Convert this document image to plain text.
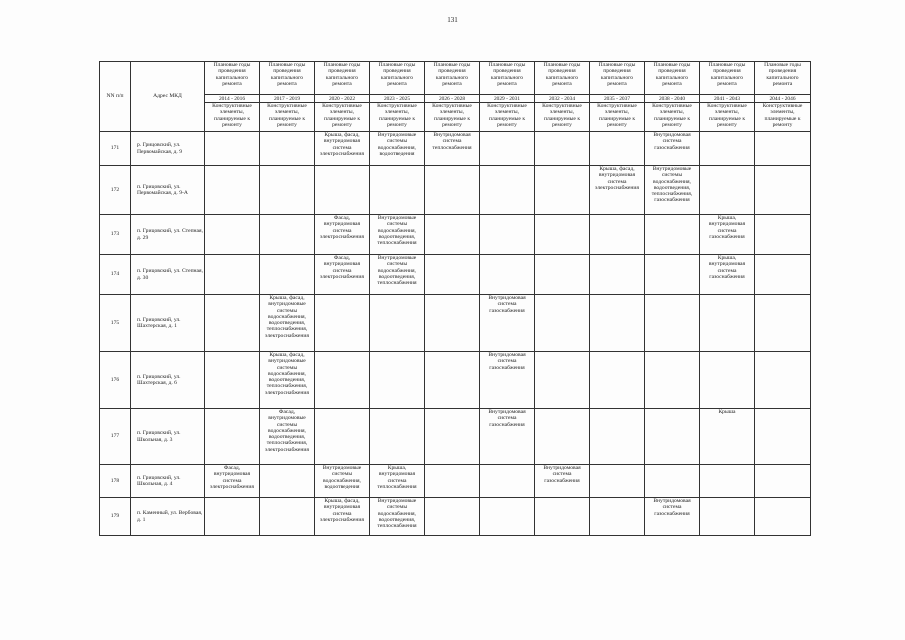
131
NN п/п	Адрес МКД	Плановые годы проведения капитального ремонта	Плановые годы проведения капитального ремонта	Плановые годы проведения капитального ремонта	Плановые годы проведения капитального ремонта	Плановые годы проведения капитального ремонта	Плановые годы проведения капитального ремонта	Плановые годы проведения капитального ремонта	Плановые годы проведения капитального ремонта	Плановые годы проведения капитального ремонта	Плановые годы проведения капитального ремонта	Плановые годы проведения капитального ремонта
		2014 - 2016	2017 - 2019	2020 - 2022	2023 - 2025	2026 - 2028	2029 - 2031	2032 - 2034	2035 - 2037	2038 - 2040	2041 - 2043	2044 - 2046
		Конструктивные элементы, планируемые к ремонту	Конструктивные элементы, планируемые к ремонту	Конструктивные элементы, планируемые к ремонту	Конструктивные элементы, планируемые к ремонту	Конструктивные элементы, планируемые к ремонту	Конструктивные элементы, планируемые к ремонту	Конструктивные элементы, планируемые к ремонту	Конструктивные элементы, планируемые к ремонту	Конструктивные элементы, планируемые к ремонту	Конструктивные элементы, планируемые к ремонту	Конструктивные элементы, планируемые к ремонту
171	р. Грицовский, ул. Первомайская, д. 9			Крыша, фасад, внутридомовая система электроснабжения	Внутридомовые системы водоснабжения, водоотведения	Внутридомовая система теплоснабжения				Внутридомовая система газоснабжения		
172	п. Грицовский, ул. Первомайская, д. 9-А								Крыша, фасад, внутридомовая система электроснабжения	Внутридомовые системы водоснабжения, водоотведения, теплоснабжения, газоснабжения		
173	п. Грицовский, ул. Степная, д. 29			Фасад, внутридомовая система электроснабжения	Внутридомовые системы водоснабжения, водоотведения, теплоснабжения						Крыша, внутридомовая система газоснабжения	
174	п. Грицовский, ул. Степная, д. 30			Фасад, внутридомовая система электроснабжения	Внутридомовые системы водоснабжения, водоотведения, теплоснабжения						Крыша, внутридомовая система газоснабжения	
175	п. Грицовский, ул. Шахтерская, д. 1		Крыша, фасад, внутридомовые системы водоснабжения, водоотведения, теплоснабжения, электроснабжения				Внутридомовая система газоснабжения					
176	п. Грицовский, ул. Шахтерская, д. 6		Крыша, фасад, внутридомовые системы водоснабжения, водоотведения, теплоснабжения, электроснабжения				Внутридомовая система газоснабжения					
177	п. Грицовский, ул. Школьная, д. 3		Фасад, внутридомовые системы водоснабжения, водоотведения, теплоснабжения, электроснабжения				Внутридомовая система газоснабжения				Крыша	
178	п. Грицовский, ул. Школьная, д. 4	Фасад, внутридомовая система электроснабжения		Внутридомовые системы водоснабжения, водоотведения	Крыша, внутридомовая система теплоснабжения			Внутридомовая система газоснабжения				
179	п. Каменный, ул. Вербовая, д. 1			Крыша, фасад, внутридомовая система электроснабжения	Внутридомовые системы водоснабжения, водоотведения, теплоснабжения					Внутридомовая система газоснабжения		
